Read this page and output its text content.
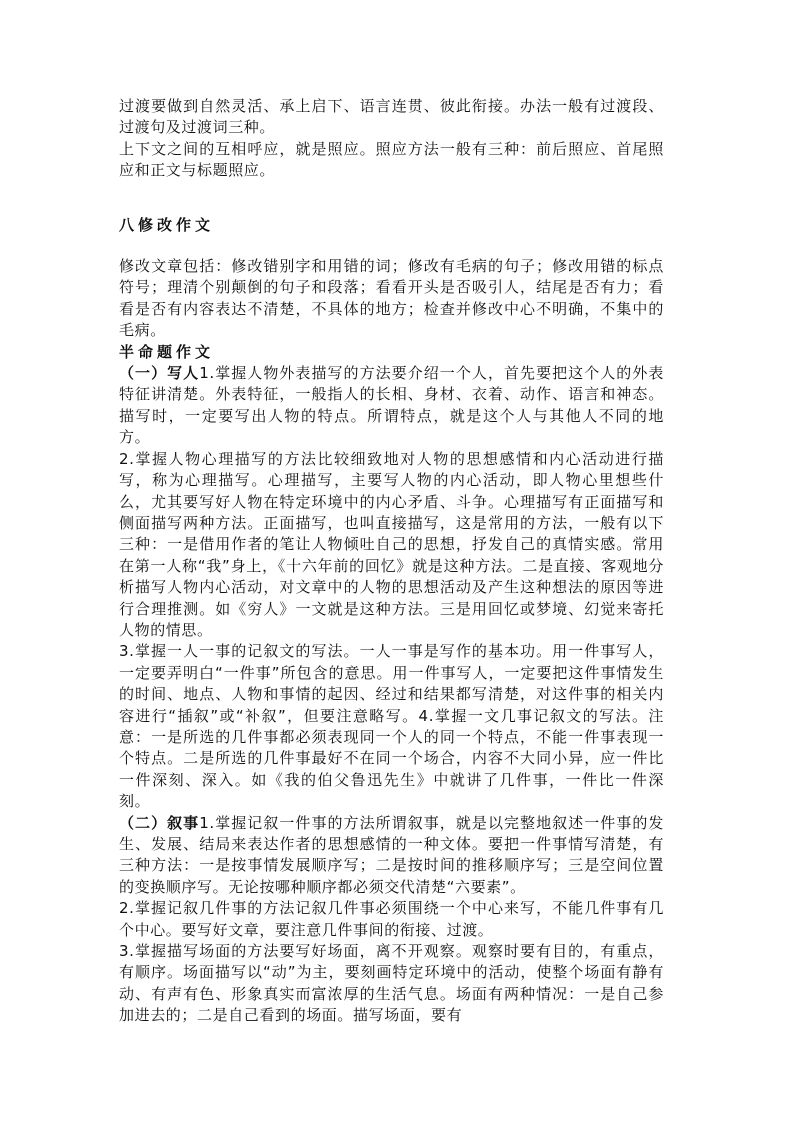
过渡要做到自然灵活、承上启下、语言连贯、彼此衔接。办法一般有过渡段、过渡句及过渡词三种。

上下文之间的互相呼应，就是照应。照应方法一般有三种：前后照应、首尾照应和正文与标题照应。

八修改作文

修改文章包括：修改错别字和用错的词；修改有毛病的句子；修改用错的标点符号；理清个别颠倒的句子和段落；看看开头是否吸引人，结尾是否有力；看看是否有内容表达不清楚，不具体的地方；检查并修改中心不明确，不集中的毛病。

半命题作文

（一）写人1.掌握人物外表描写的方法要介绍一个人，首先要把这个人的外表特征讲清楚。外表特征，一般指人的长相、身材、衣着、动作、语言和神态。描写时，一定要写出人物的特点。所谓特点，就是这个人与其他人不同的地方。

2.掌握人物心理描写的方法比较细致地对人物的思想感情和内心活动进行描写，称为心理描写。心理描写，主要写人物的内心活动，即人物心里想些什么，尤其要写好人物在特定环境中的内心矛盾、斗争。心理描写有正面描写和侧面描写两种方法。正面描写，也叫直接描写，这是常用的方法，一般有以下三种：一是借用作者的笔让人物倾吐自己的思想，抒发自己的真情实感。常用在第一人称“我”身上，《十六年前的回忆》就是这种方法。二是直接、客观地分析描写人物内心活动，对文章中的人物的思想活动及产生这种想法的原因等进行合理推测。如《穷人》一文就是这种方法。三是用回忆或梦境、幻觉来寄托人物的情思。

3.掌握一人一事的记叙文的写法。一人一事是写作的基本功。用一件事写人，一定要弄明白“一件事”所包含的意思。用一件事写人，一定要把这件事情发生的时间、地点、人物和事情的起因、经过和结果都写清楚，对这件事的相关内容进行“插叙”或“补叙”，但要注意略写。4.掌握一文几事记叙文的写法。注意：一是所选的几件事都必须表现同一个人的同一个特点，不能一件事表现一个特点。二是所选的几件事最好不在同一个场合，内容不大同小异，应一件比一件深刻、深入。如《我的伯父鲁迅先生》中就讲了几件事，一件比一件深刻。

（二）叙事1.掌握记叙一件事的方法所谓叙事，就是以完整地叙述一件事的发生、发展、结局来表达作者的思想感情的一种文体。要把一件事情写清楚，有三种方法：一是按事情发展顺序写；二是按时间的推移顺序写；三是空间位置的变换顺序写。无论按哪种顺序都必须交代清楚“六要素”。

2.掌握记叙几件事的方法记叙几件事必须围绕一个中心来写，不能几件事有几个中心。要写好文章，要注意几件事间的衔接、过渡。

3.掌握描写场面的方法要写好场面，离不开观察。观察时要有目的，有重点，有顺序。场面描写以“动”为主，要刻画特定环境中的活动，使整个场面有静有动、有声有色、形象真实而富浓厚的生活气息。场面有两种情况：一是自己参加进去的；二是自己看到的场面。描写场面，要有
